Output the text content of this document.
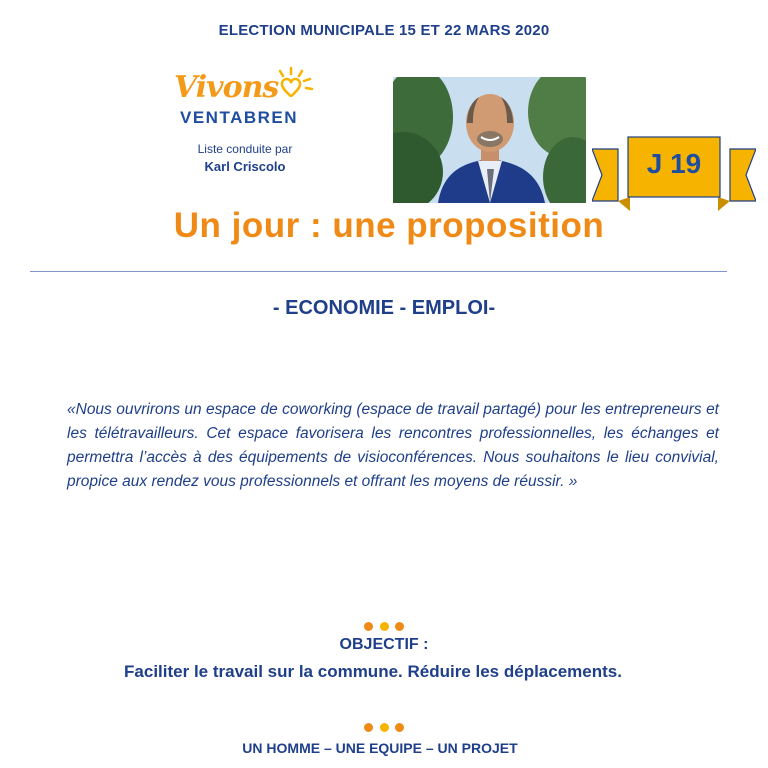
ELECTION MUNICIPALE 15 ET 22 MARS 2020
Vivons
VENTABREN
Liste conduite par
Karl Criscolo	J 19
Un jour : une proposition
- ECONOMIE - EMPLOI-
«Nous ouvrirons un espace de coworking (espace de travail partagé) pour les entrepreneurs et les télétravailleurs. Cet espace favorisera les rencontres professionnelles, les échanges et permettra l’accès à des équipements de visioconférences. Nous souhaitons le lieu convivial, propice aux rendez vous professionnels et offrant les moyens de réussir. »

OBJECTIF :
Faciliter le travail sur la commune. Réduire les déplacements.

UN HOMME – UNE EQUIPE – UN PROJET
